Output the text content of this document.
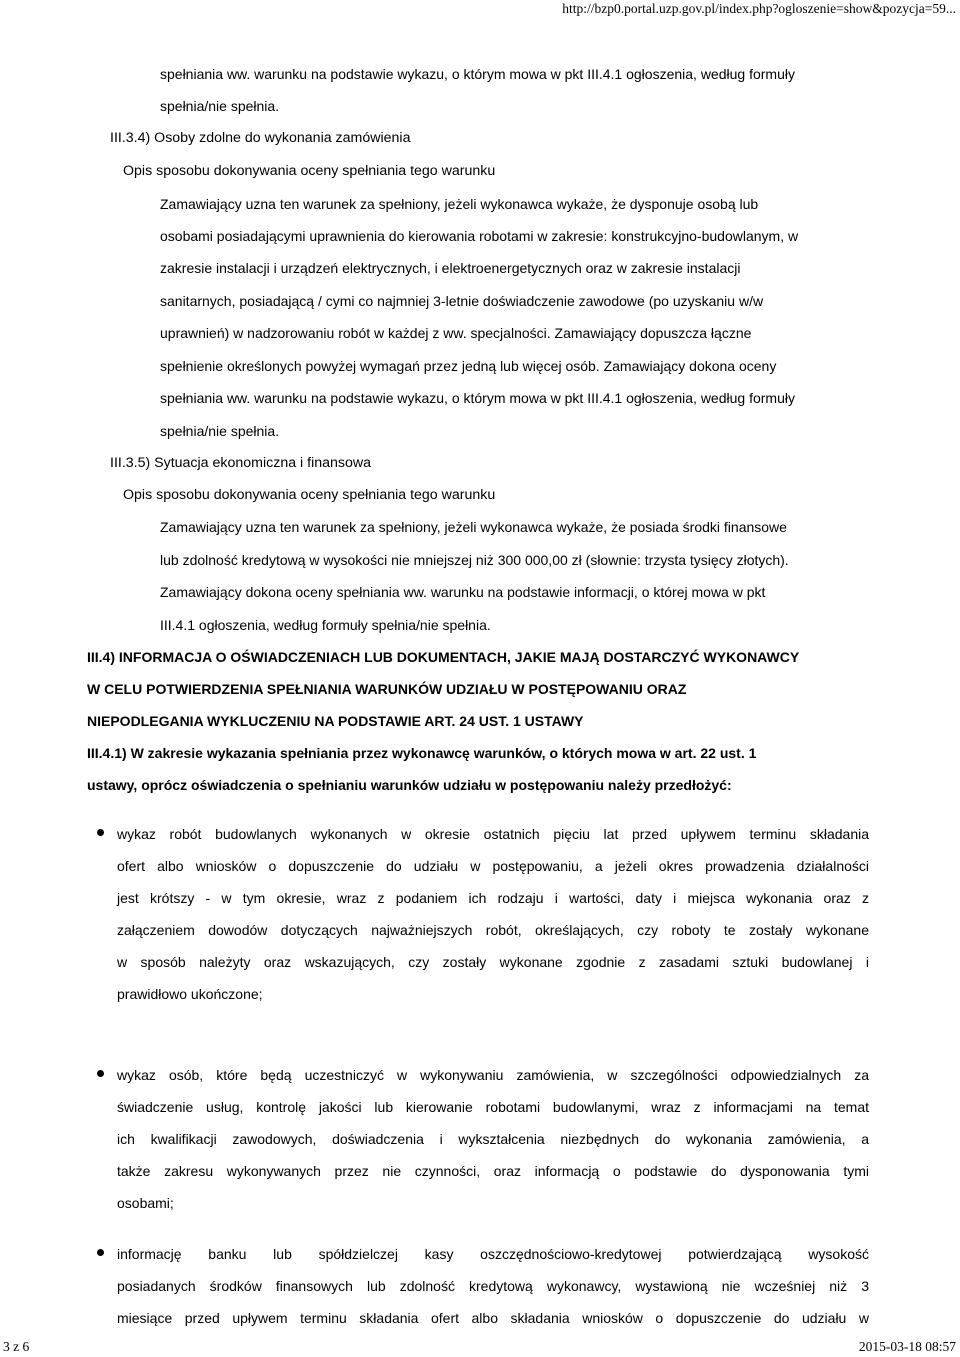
http://bzp0.portal.uzp.gov.pl/index.php?ogloszenie=show&pozycja=59...
3 z 6	2015-03-18 08:57
spełniania ww. warunku na podstawie wykazu, o którym mowa w pkt III.4.1 ogłoszenia, według formuły
spełnia/nie spełnia.
III.3.4) Osoby zdolne do wykonania zamówienia
Opis sposobu dokonywania oceny spełniania tego warunku
Zamawiający uzna ten warunek za spełniony, jeżeli wykonawca wykaże, że dysponuje osobą lub
osobami posiadającymi uprawnienia do kierowania robotami w zakresie: konstrukcyjno-budowlanym, w
zakresie instalacji i urządzeń elektrycznych, i elektroenergetycznych oraz w zakresie instalacji
sanitarnych, posiadającą / cymi co najmniej 3-letnie doświadczenie zawodowe (po uzyskaniu w/w
uprawnień) w nadzorowaniu robót w każdej z ww. specjalności. Zamawiający dopuszcza łączne
spełnienie określonych powyżej wymagań przez jedną lub więcej osób. Zamawiający dokona oceny
spełniania ww. warunku na podstawie wykazu, o którym mowa w pkt III.4.1 ogłoszenia, według formuły
spełnia/nie spełnia.
III.3.5) Sytuacja ekonomiczna i finansowa
Opis sposobu dokonywania oceny spełniania tego warunku
Zamawiający uzna ten warunek za spełniony, jeżeli wykonawca wykaże, że posiada środki finansowe
lub zdolność kredytową w wysokości nie mniejszej niż 300 000,00 zł (słownie: trzysta tysięcy złotych).
Zamawiający dokona oceny spełniania ww. warunku na podstawie informacji, o której mowa w pkt
III.4.1 ogłoszenia, według formuły spełnia/nie spełnia.
III.4) INFORMACJA O OŚWIADCZENIACH LUB DOKUMENTACH, JAKIE MAJĄ DOSTARCZYĆ WYKONAWCY
W CELU POTWIERDZENIA SPEŁNIANIA WARUNKÓW UDZIAŁU W POSTĘPOWANIU ORAZ
NIEPODLEGANIA WYKLUCZENIU NA PODSTAWIE ART. 24 UST. 1 USTAWY
III.4.1) W zakresie wykazania spełniania przez wykonawcę warunków, o których mowa w art. 22 ust. 1
ustawy, oprócz oświadczenia o spełnianiu warunków udziału w postępowaniu należy przedłożyć:
wykaz robót budowlanych wykonanych w okresie ostatnich pięciu lat przed upływem terminu składania
ofert albo wniosków o dopuszczenie do udziału w postępowaniu, a jeżeli okres prowadzenia działalności
jest krótszy - w tym okresie, wraz z podaniem ich rodzaju i wartości, daty i miejsca wykonania oraz z
załączeniem dowodów dotyczących najważniejszych robót, określających, czy roboty te zostały wykonane
w sposób należyty oraz wskazujących, czy zostały wykonane zgodnie z zasadami sztuki budowlanej i
prawidłowo ukończone;
wykaz osób, które będą uczestniczyć w wykonywaniu zamówienia, w szczególności odpowiedzialnych za
świadczenie usług, kontrolę jakości lub kierowanie robotami budowlanymi, wraz z informacjami na temat
ich kwalifikacji zawodowych, doświadczenia i wykształcenia niezbędnych do wykonania zamówienia, a
także zakresu wykonywanych przez nie czynności, oraz informacją o podstawie do dysponowania tymi
osobami;
informację banku lub spółdzielczej kasy oszczędnościowo-kredytowej potwierdzającą wysokość
posiadanych środków finansowych lub zdolność kredytową wykonawcy, wystawioną nie wcześniej niż 3
miesiące przed upływem terminu składania ofert albo składania wniosków o dopuszczenie do udziału w
